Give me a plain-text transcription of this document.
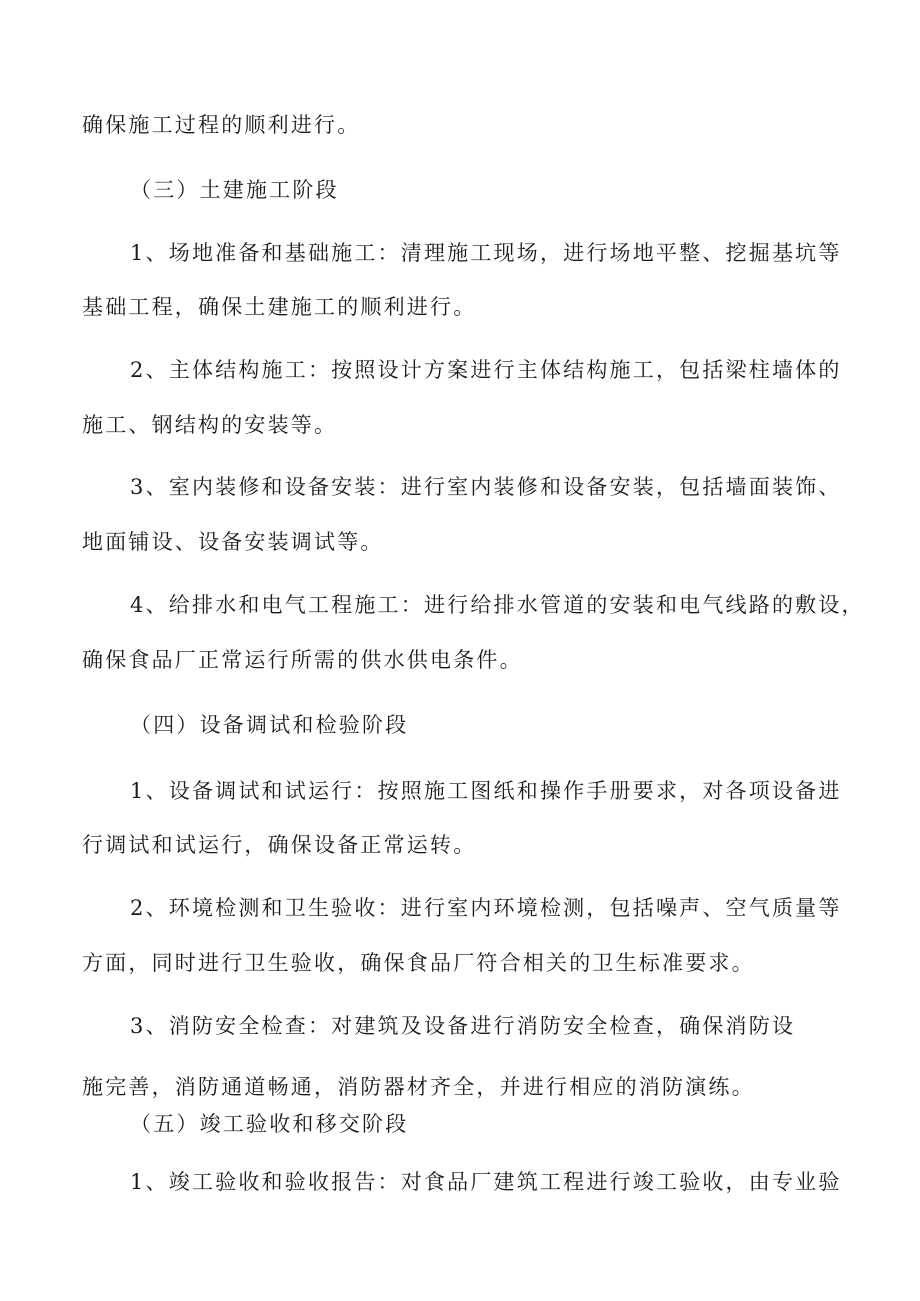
确保施工过程的顺利进行。
（三）土建施工阶段
1、场地准备和基础施工：清理施工现场，进行场地平整、挖掘基坑等
基础工程，确保土建施工的顺利进行。
2、主体结构施工：按照设计方案进行主体结构施工，包括梁柱墙体的
施工、钢结构的安装等。
3、室内装修和设备安装：进行室内装修和设备安装，包括墙面装饰、
地面铺设、设备安装调试等。
4、给排水和电气工程施工：进行给排水管道的安装和电气线路的敷设，
确保食品厂正常运行所需的供水供电条件。
（四）设备调试和检验阶段
1、设备调试和试运行：按照施工图纸和操作手册要求，对各项设备进
行调试和试运行，确保设备正常运转。
2、环境检测和卫生验收：进行室内环境检测，包括噪声、空气质量等
方面，同时进行卫生验收，确保食品厂符合相关的卫生标准要求。
3、消防安全检查：对建筑及设备进行消防安全检查，确保消防设
施完善，消防通道畅通，消防器材齐全，并进行相应的消防演练。
（五）竣工验收和移交阶段
1、竣工验收和验收报告：对食品厂建筑工程进行竣工验收，由专业验
